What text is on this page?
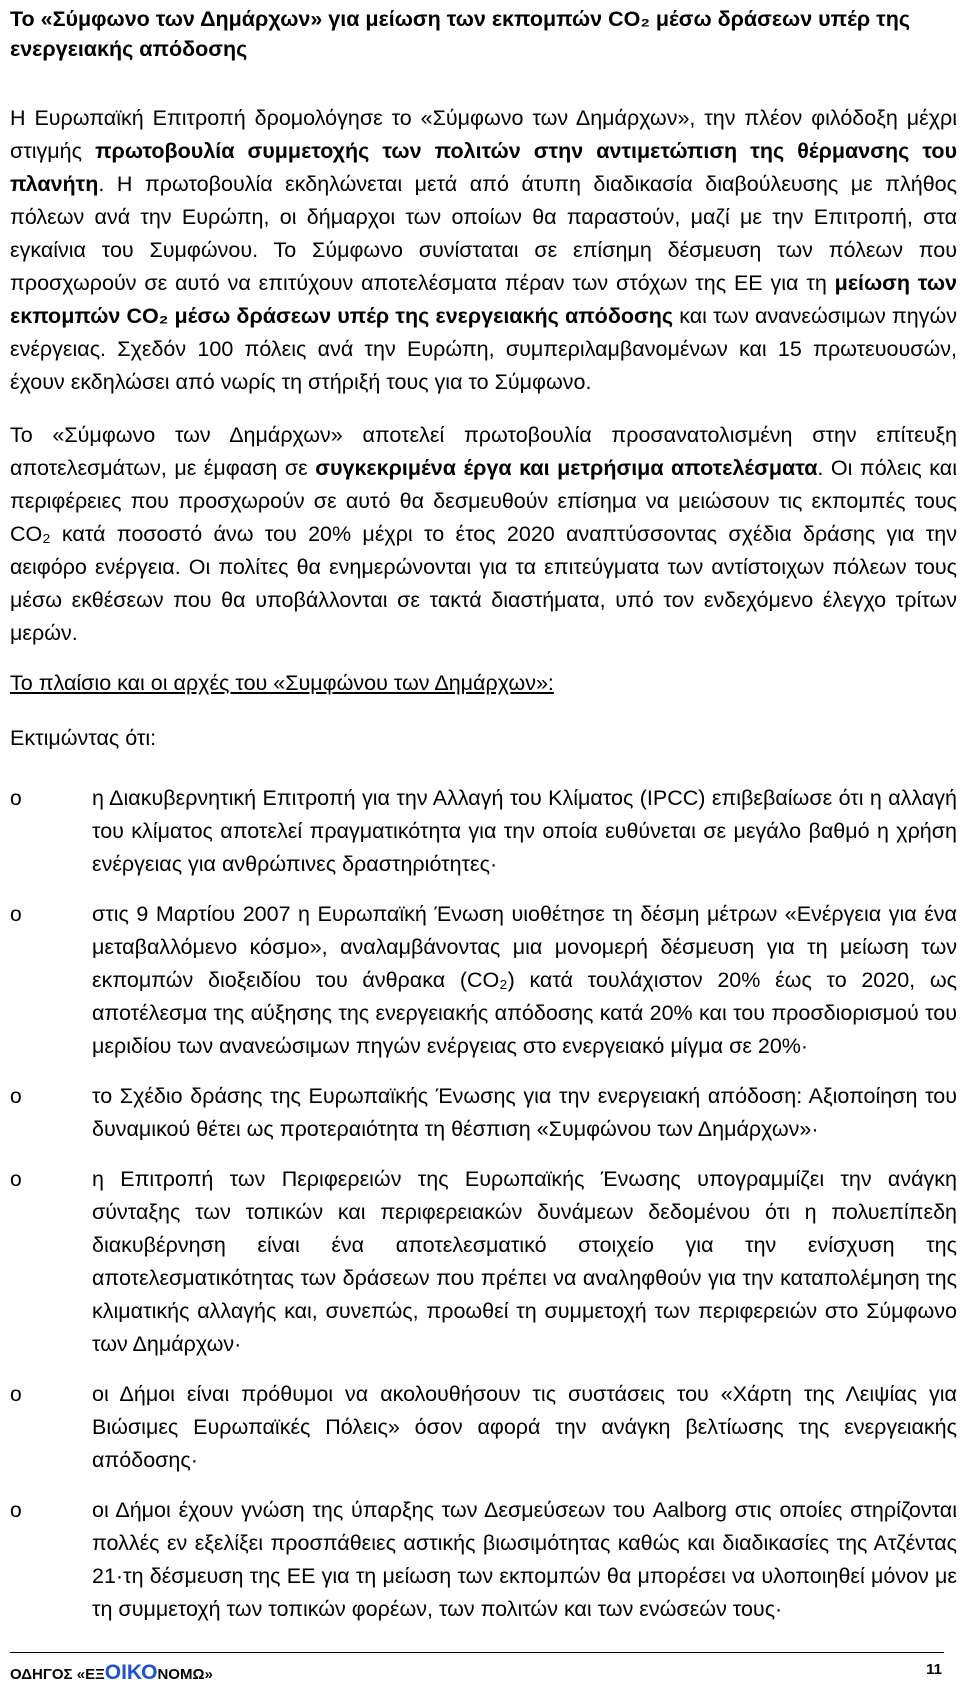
Το «Σύμφωνο των Δημάρχων» για μείωση των εκπομπών CO₂ μέσω δράσεων υπέρ της ενεργειακής απόδοσης

Η Ευρωπαϊκή Επιτροπή δρομολόγησε το «Σύμφωνο των Δημάρχων», την πλέον φιλόδοξη μέχρι στιγμής πρωτοβουλία συμμετοχής των πολιτών στην αντιμετώπιση της θέρμανσης του πλανήτη. Η πρωτοβουλία εκδηλώνεται μετά από άτυπη διαδικασία διαβούλευσης με πλήθος πόλεων ανά την Ευρώπη, οι δήμαρχοι των οποίων θα παραστούν, μαζί με την Επιτροπή, στα εγκαίνια του Συμφώνου. Το Σύμφωνο συνίσταται σε επίσημη δέσμευση των πόλεων που προσχωρούν σε αυτό να επιτύχουν αποτελέσματα πέραν των στόχων της ΕΕ για τη μείωση των εκπομπών CO₂ μέσω δράσεων υπέρ της ενεργειακής απόδοσης και των ανανεώσιμων πηγών ενέργειας. Σχεδόν 100 πόλεις ανά την Ευρώπη, συμπεριλαμβανομένων και 15 πρωτευουσών, έχουν εκδηλώσει από νωρίς τη στήριξή τους για το Σύμφωνο.

Το «Σύμφωνο των Δημάρχων» αποτελεί πρωτοβουλία προσανατολισμένη στην επίτευξη αποτελεσμάτων, με έμφαση σε συγκεκριμένα έργα και μετρήσιμα αποτελέσματα. Οι πόλεις και περιφέρειες που προσχωρούν σε αυτό θα δεσμευθούν επίσημα να μειώσουν τις εκπομπές τους CO₂ κατά ποσοστό άνω του 20% μέχρι το έτος 2020 αναπτύσσοντας σχέδια δράσης για την αειφόρο ενέργεια. Οι πολίτες θα ενημερώνονται για τα επιτεύγματα των αντίστοιχων πόλεων τους μέσω εκθέσεων που θα υποβάλλονται σε τακτά διαστήματα, υπό τον ενδεχόμενο έλεγχο τρίτων μερών.

Το πλαίσιο και οι αρχές του «Συμφώνου των Δημάρχων»:
Εκτιμώντας ότι:
o	η Διακυβερνητική Επιτροπή για την Αλλαγή του Κλίματος (IPCC) επιβεβαίωσε ότι η αλλαγή του κλίματος αποτελεί πραγματικότητα για την οποία ευθύνεται σε μεγάλο βαθμό η χρήση ενέργειας για ανθρώπινες δραστηριότητες·
o	στις 9 Μαρτίου 2007 η Ευρωπαϊκή Ένωση υιοθέτησε τη δέσμη μέτρων «Ενέργεια για ένα μεταβαλλόμενο κόσμο», αναλαμβάνοντας μια μονομερή δέσμευση για τη μείωση των εκπομπών διοξειδίου του άνθρακα (CO₂) κατά τουλάχιστον 20% έως το 2020, ως αποτέλεσμα της αύξησης της ενεργειακής απόδοσης κατά 20% και του προσδιορισμού του μεριδίου των ανανεώσιμων πηγών ενέργειας στο ενεργειακό μίγμα σε 20%·
o	το Σχέδιο δράσης της Ευρωπαϊκής Ένωσης για την ενεργειακή απόδοση: Αξιοποίηση του δυναμικού θέτει ως προτεραιότητα τη θέσπιση «Συμφώνου των Δημάρχων»·
o	η Επιτροπή των Περιφερειών της Ευρωπαϊκής Ένωσης υπογραμμίζει την ανάγκη σύνταξης των τοπικών και περιφερειακών δυνάμεων δεδομένου ότι η πολυεπίπεδη διακυβέρνηση είναι ένα αποτελεσματικό στοιχείο για την ενίσχυση της αποτελεσματικότητας των δράσεων που πρέπει να αναληφθούν για την καταπολέμηση της κλιματικής αλλαγής και, συνεπώς, προωθεί τη συμμετοχή των περιφερειών στο Σύμφωνο των Δημάρχων·
o	οι Δήμοι είναι πρόθυμοι να ακολουθήσουν τις συστάσεις του «Χάρτη της Λειψίας για Βιώσιμες Ευρωπαϊκές Πόλεις» όσον αφορά την ανάγκη βελτίωσης της ενεργειακής απόδοσης·
o	οι Δήμοι έχουν γνώση της ύπαρξης των Δεσμεύσεων του Aalborg στις οποίες στηρίζονται πολλές εν εξελίξει προσπάθειες αστικής βιωσιμότητας καθώς και διαδικασίες της Ατζέντας 21·τη δέσμευση της ΕΕ για τη μείωση των εκπομπών θα μπορέσει να υλοποιηθεί μόνον με τη συμμετοχή των τοπικών φορέων, των πολιτών και των ενώσεών τους·
ΟΔΗΓΟΣ «ΕΞΟΙΚΟΝΟΜΩ»	11
